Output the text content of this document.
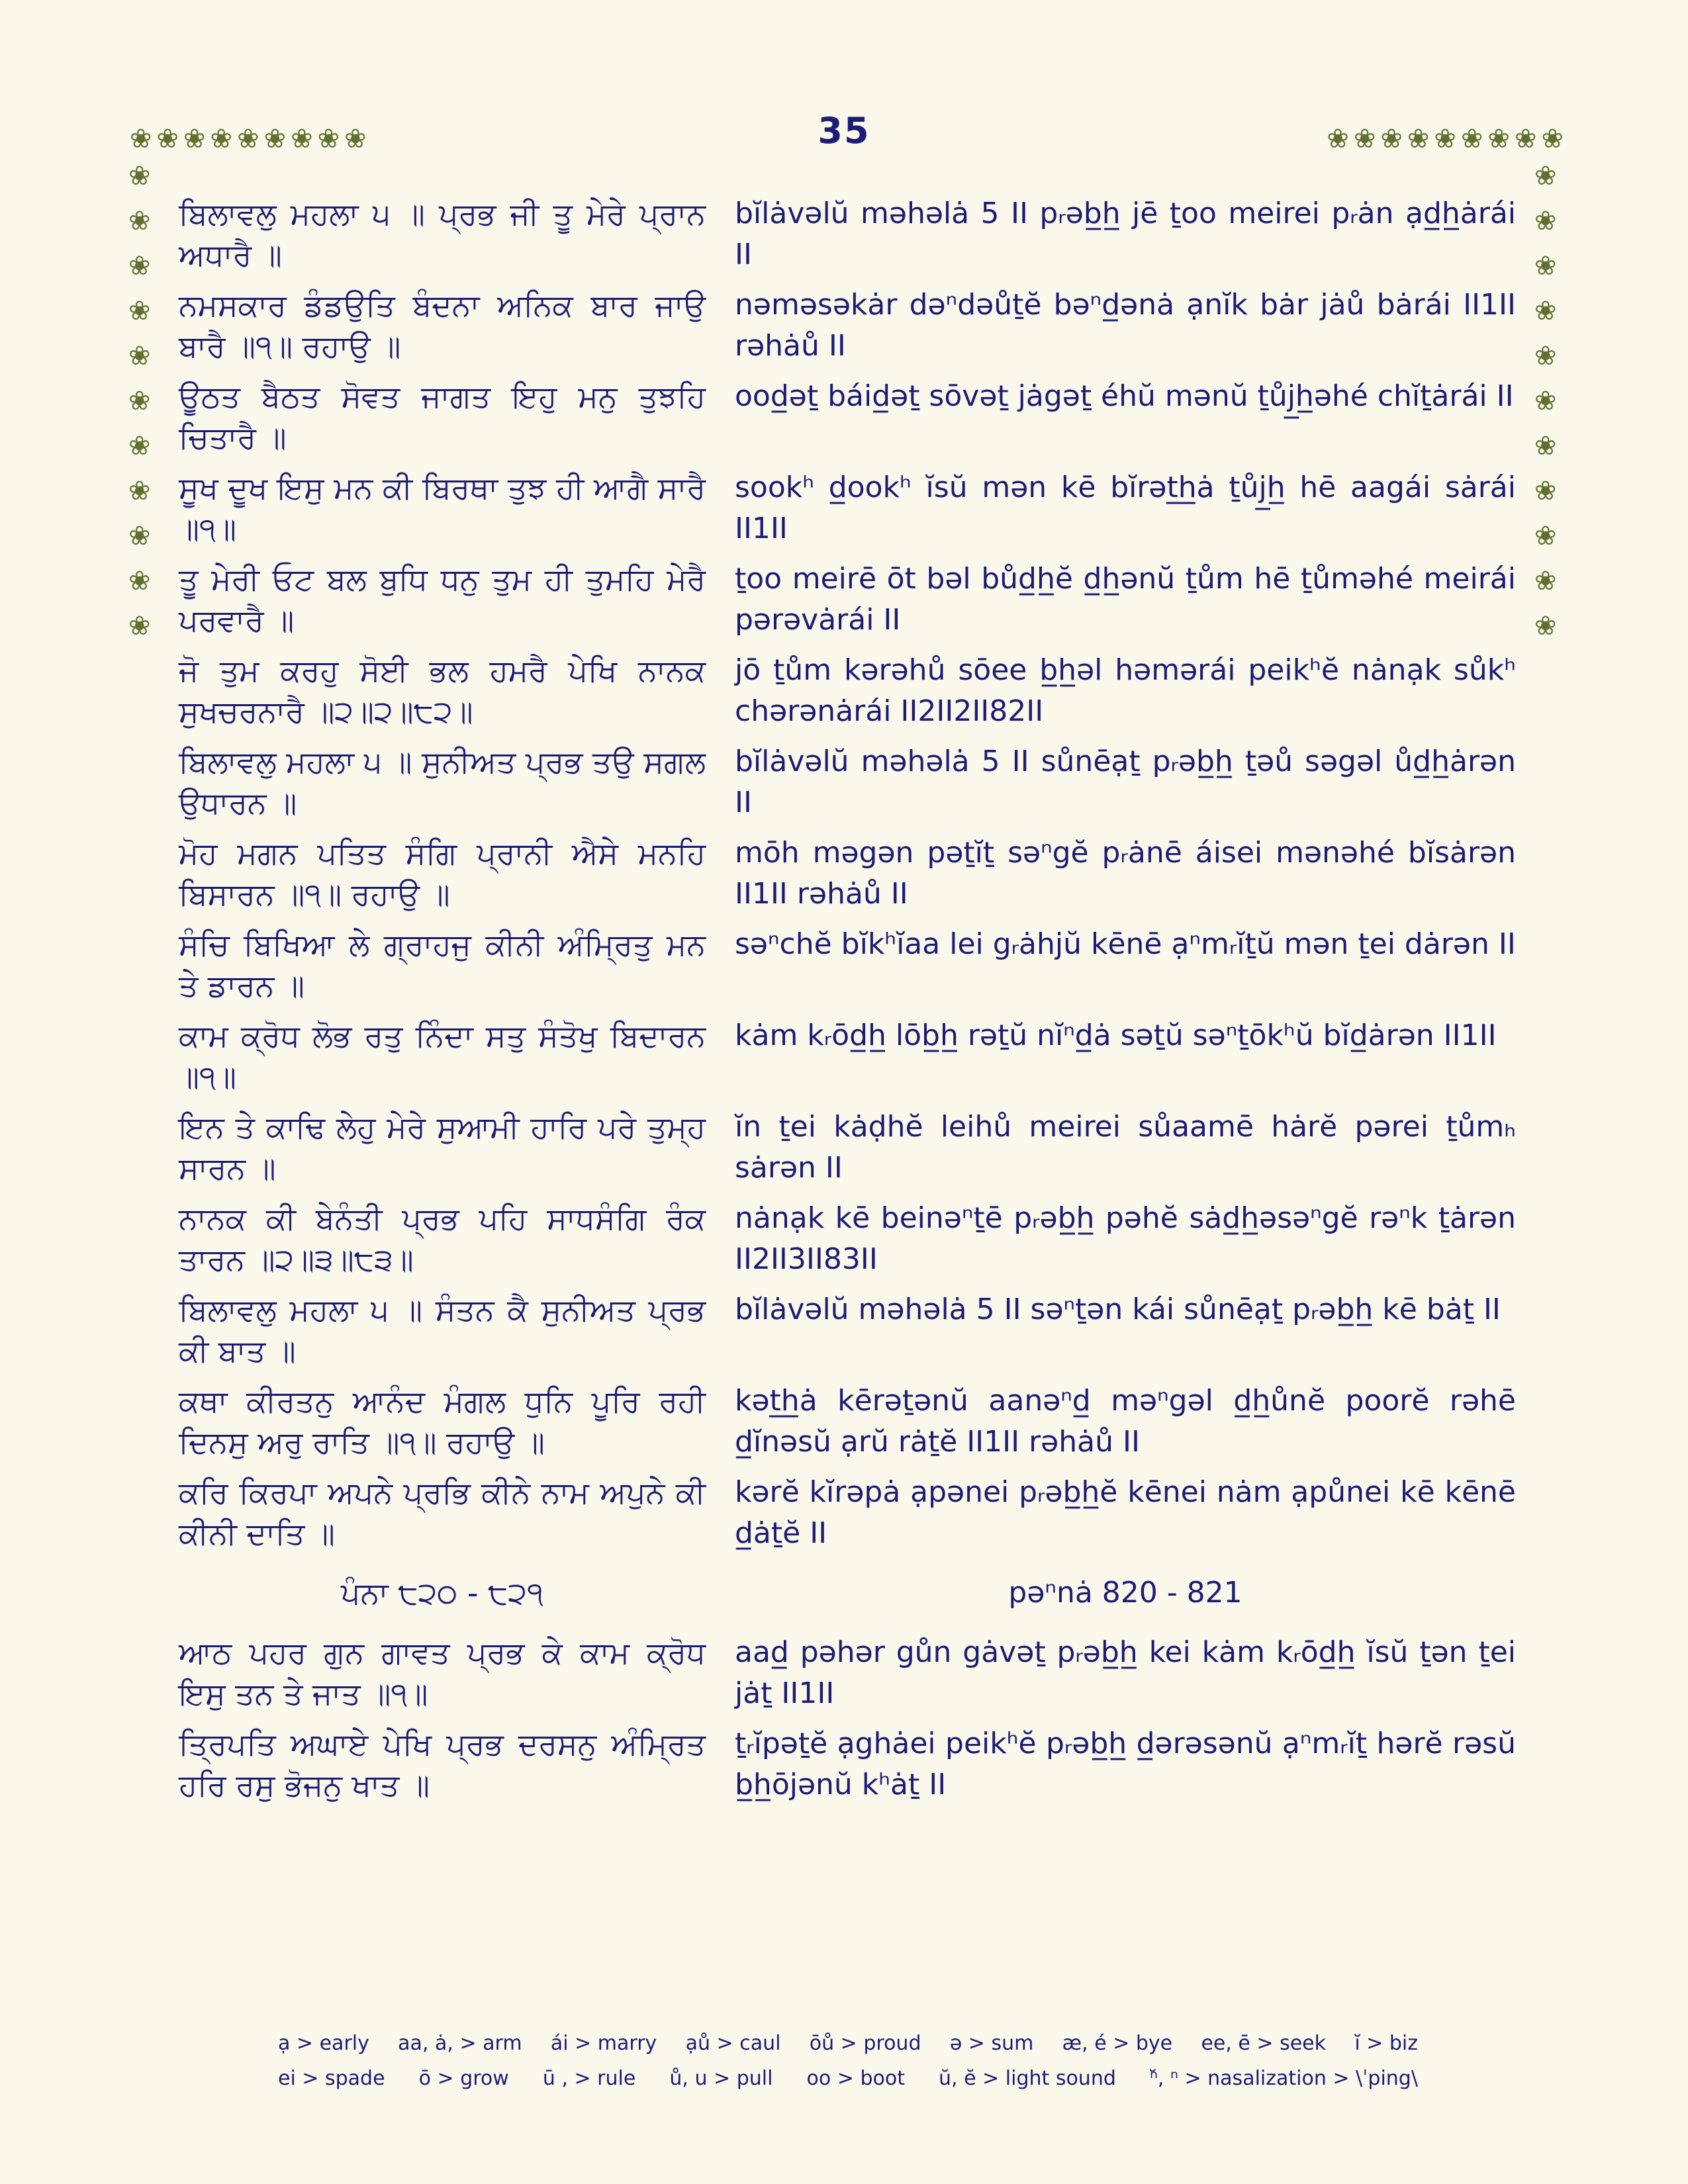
35
❀ ❀ ❀ ❀ ❀ ❀ ❀ ❀ ❀
❀
❀
❀
❀
❀
❀
❀
❀
❀
❀
❀
❀ ❀ ❀ ❀ ❀ ❀ ❀ ❀ ❀
❀
❀
❀
❀
❀
❀
❀
❀
❀
❀
❀
ਬਿਲਾਵਲੁ ਮਹਲਾ ੫ ॥ ਪ੍ਰਭ ਜੀ ਤੂ ਮੇਰੇ ਪ੍ਰਾਨ ਅਧਾਰੈ ॥
bĭlȧvəlŭ məhəlȧ 5 II pᵣəb̲h̲ jē ṯoo meirei pᵣȧn ạd̲h̲ȧrái II
ਨਮਸਕਾਰ ਡੰਡਉਤਿ ਬੰਦਨਾ ਅਨਿਕ ਬਾਰ ਜਾਉ ਬਾਰੈ ॥੧॥ ਰਹਾਉ ॥
nəməsəkȧr dəⁿdəůṯĕ bəⁿd̲ənȧ ạnĭk bȧr jȧů bȧrái II1II rəhȧů II
ਊਠਤ ਬੈਠਤ ਸੋਵਤ ਜਾਗਤ ਇਹੁ ਮਨੁ ਤੁਝਹਿ ਚਿਤਾਰੈ ॥
ood̲əṯ báid̲əṯ sōvəṯ jȧgəṯ éhŭ mənŭ ṯůj̲h̲əhé chĭṯȧrái II
ਸੂਖ ਦੂਖ ਇਸੁ ਮਨ ਕੀ ਬਿਰਥਾ ਤੁਝ ਹੀ ਆਗੈ ਸਾਰੈ ॥੧॥
sookʰ d̲ookʰ ĭsŭ mən kē bĭrət̲h̲ȧ ṯůj̲h̲ hē aagái sȧrái II1II
ਤੂ ਮੇਰੀ ਓਟ ਬਲ ਬੁਧਿ ਧਨੁ ਤੁਮ ਹੀ ਤੁਮਹਿ ਮੇਰੈ ਪਰਵਾਰੈ ॥
ṯoo meirē ōt bəl bůd̲h̲ĕ d̲h̲ənŭ ṯům hē ṯůməhé meirái pərəvȧrái II
ਜੋ ਤੁਮ ਕਰਹੁ ਸੋਈ ਭਲ ਹਮਰੈ ਪੇਖਿ ਨਾਨਕ ਸੁਖਚਰਨਾਰੈ ॥੨॥੨॥੮੨॥
jō ṯům kərəhů sōee b̲h̲əl həmərái peikʰĕ nȧnạk sůkʰ chərənȧrái II2II2II82II
ਬਿਲਾਵਲੁ ਮਹਲਾ ੫ ॥ ਸੁਨੀਅਤ ਪ੍ਰਭ ਤਉ ਸਗਲ ਉਧਾਰਨ ॥
bĭlȧvəlŭ məhəlȧ 5 II sůnēạṯ pᵣəb̲h̲ ṯəů səgəl ůd̲h̲ȧrən II
ਮੋਹ ਮਗਨ ਪਤਿਤ ਸੰਗਿ ਪ੍ਰਾਨੀ ਐਸੇ ਮਨਹਿ ਬਿਸਾਰਨ ॥੧॥ ਰਹਾਉ ॥
mōh məgən pəṯĭṯ səⁿgĕ pᵣȧnē áisei mənəhé bĭsȧrən II1II rəhȧů II
ਸੰਚਿ ਬਿਖਿਆ ਲੇ ਗ੍ਰਾਹਜੁ ਕੀਨੀ ਅੰਮ੍ਰਿਤੁ ਮਨ ਤੇ ਡਾਰਨ ॥
səⁿchĕ bĭkʰĭaa lei gᵣȧhjŭ kēnē ạⁿmᵣĭṯŭ mən ṯei dȧrən II
ਕਾਮ ਕ੍ਰੋਧ ਲੋਭ ਰਤੁ ਨਿੰਦਾ ਸਤੁ ਸੰਤੋਖੁ ਬਿਦਾਰਨ ॥੧॥
kȧm kᵣōd̲h̲ lōb̲h̲ rəṯŭ nĭⁿd̲ȧ səṯŭ səⁿṯōkʰŭ bĭd̲ȧrən II1II
ਇਨ ਤੇ ਕਾਢਿ ਲੇਹੁ ਮੇਰੇ ਸੁਆਮੀ ਹਾਰਿ ਪਰੇ ਤੁਮ੍ਹ ਸਾਰਨ ॥
ĭn ṯei kȧḍhĕ leihů meirei sůaamē hȧrĕ pərei ṯůmₕ sȧrən II
ਨਾਨਕ ਕੀ ਬੇਨੰਤੀ ਪ੍ਰਭ ਪਹਿ ਸਾਧਸੰਗਿ ਰੰਕ ਤਾਰਨ ॥੨॥੩॥੮੩॥
nȧnạk kē beinəⁿṯē pᵣəb̲h̲ pəhĕ sȧd̲h̲əsəⁿgĕ rəⁿk ṯȧrən II2II3II83II
ਬਿਲਾਵਲੁ ਮਹਲਾ ੫ ॥ ਸੰਤਨ ਕੈ ਸੁਨੀਅਤ ਪ੍ਰਭ ਕੀ ਬਾਤ ॥
bĭlȧvəlŭ məhəlȧ 5 II səⁿṯən kái sůnēạṯ pᵣəb̲h̲ kē bȧṯ II
ਕਥਾ ਕੀਰਤਨੁ ਆਨੰਦ ਮੰਗਲ ਧੁਨਿ ਪੂਰਿ ਰਹੀ ਦਿਨਸੁ ਅਰੁ ਰਾਤਿ ॥੧॥ ਰਹਾਉ ॥
kət̲h̲ȧ kērəṯənŭ aanəⁿd̲ məⁿgəl d̲h̲ůnĕ poorĕ rəhē d̲ĭnəsŭ ạrŭ rȧṯĕ II1II rəhȧů II
ਕਰਿ ਕਿਰਪਾ ਅਪਨੇ ਪ੍ਰਭਿ ਕੀਨੇ ਨਾਮ ਅਪੁਨੇ ਕੀ ਕੀਨੀ ਦਾਤਿ ॥
kərĕ kĭrəpȧ ạpənei pᵣəb̲h̲ĕ kēnei nȧm ạpůnei kē kēnē d̲ȧṯĕ II
ਪੰਨਾ ੮੨੦ - ੮੨੧	pəⁿnȧ 820 - 821
ਆਠ ਪਹਰ ਗੁਨ ਗਾਵਤ ਪ੍ਰਭ ਕੇ ਕਾਮ ਕ੍ਰੋਧ ਇਸੁ ਤਨ ਤੇ ਜਾਤ ॥੧॥
aad̲ pəhər gůn gȧvəṯ pᵣəb̲h̲ kei kȧm kᵣōd̲h̲ ĭsŭ ṯən ṯei jȧṯ II1II
ਤ੍ਰਿਪਤਿ ਅਘਾਏ ਪੇਖਿ ਪ੍ਰਭ ਦਰਸਨੁ ਅੰਮ੍ਰਿਤ ਹਰਿ ਰਸੁ ਭੋਜਨੁ ਖਾਤ ॥
ṯᵣĭpəṯĕ ạghȧei peikʰĕ pᵣəb̲h̲ d̲ərəsənŭ ạⁿmᵣĭṯ hərĕ rəsŭ b̲h̲ōjənŭ kʰȧṯ II
ạ > early aa, ȧ, > arm ái > marry ạů > caul ōů > proud ə > sum æ, é > bye ee, ē > seek ĭ > biz
ei > spade ō > grow ū , > rule ů, u > pull oo > boot ŭ, ĕ > light sound ⁿ̆, ⁿ > nasalization > \ˈping\
